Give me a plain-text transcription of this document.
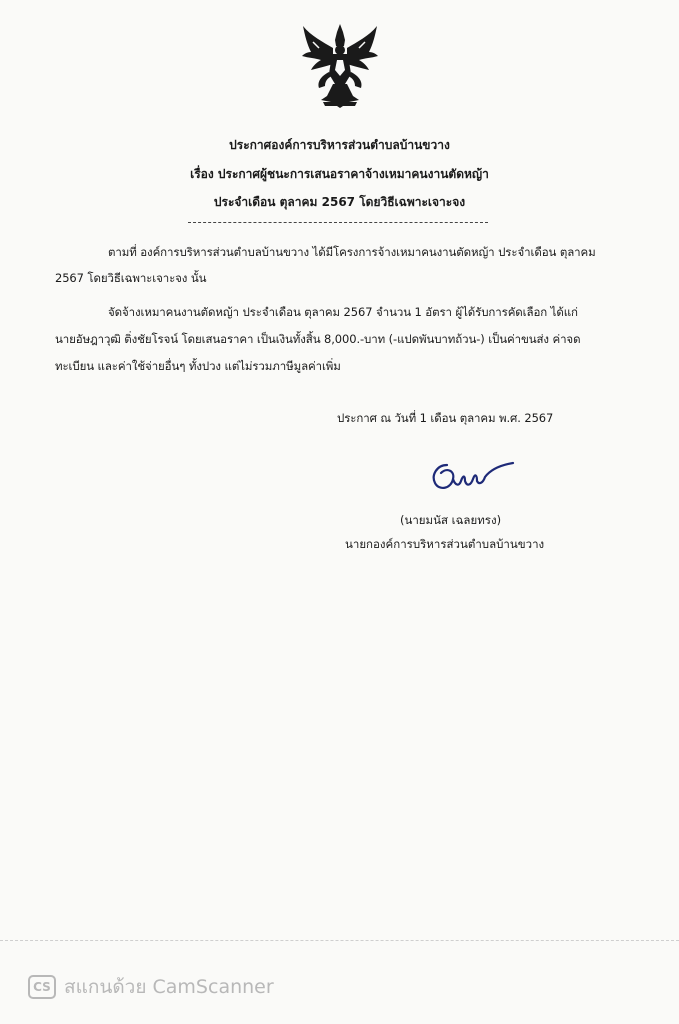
ประกาศองค์การบริหารส่วนตำบลบ้านขวาง
เรื่อง ประกาศผู้ชนะการเสนอราคาจ้างเหมาคนงานตัดหญ้า
ประจำเดือน ตุลาคม 2567 โดยวิธีเฉพาะเจาะจง
ตามที่ องค์การบริหารส่วนตำบลบ้านขวาง ได้มีโครงการจ้างเหมาคนงานตัดหญ้า ประจำเดือน ตุลาคม
2567 โดยวิธีเฉพาะเจาะจง นั้น
จัดจ้างเหมาคนงานตัดหญ้า ประจำเดือน ตุลาคม 2567 จำนวน 1 อัตรา ผู้ได้รับการคัดเลือก ได้แก่
นายอัษฎาวุฒิ ติ่งชัยโรจน์ โดยเสนอราคา เป็นเงินทั้งสิ้น 8,000.-บาท (-แปดพันบาทถ้วน-) เป็นค่าขนส่ง ค่าจด
ทะเบียน และค่าใช้จ่ายอื่นๆ ทั้งปวง แต่ไม่รวมภาษีมูลค่าเพิ่ม
ประกาศ ณ วันที่ 1 เดือน ตุลาคม พ.ศ. 2567
(นายมนัส เฉลยทรง)
นายกองค์การบริหารส่วนตำบลบ้านขวาง
CS สแกนด้วย CamScanner
